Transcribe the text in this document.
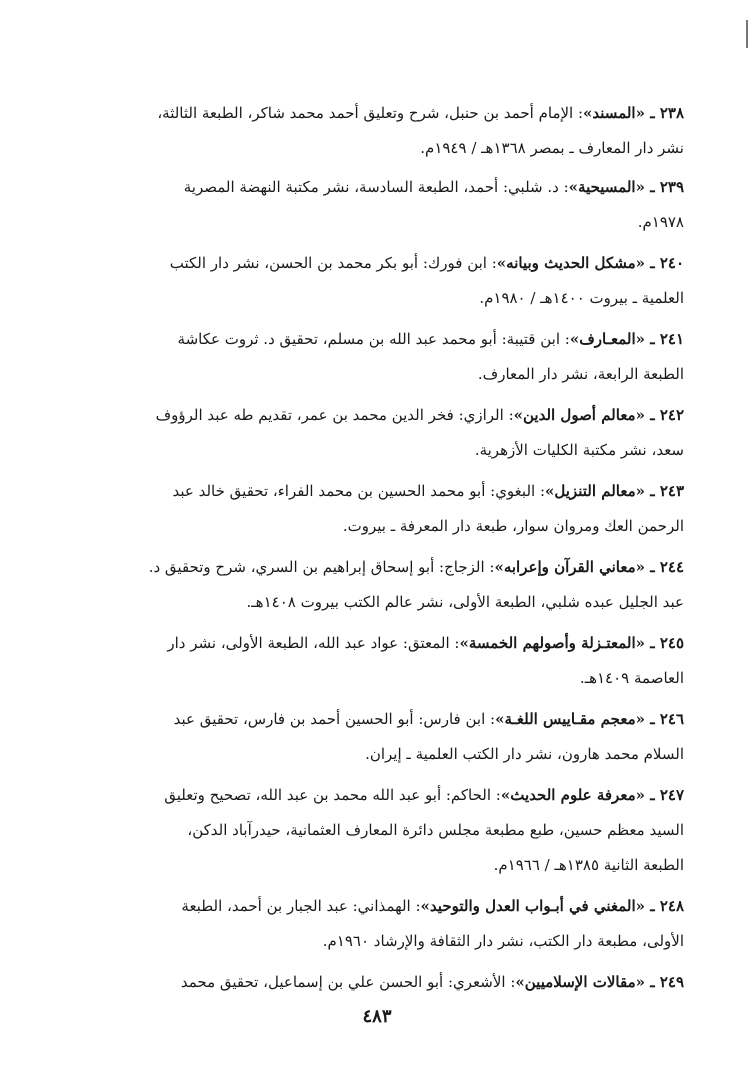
٢٣٨ ـ «المسند»: الإمام أحمد بن حنبل، شرح وتعليق أحمد محمد شاكر، الطبعة الثالثة،
نشر دار المعارف ـ بمصر ١٣٦٨هـ / ١٩٤٩م.
٢٣٩ ـ «المسيحية»: د. شلبي: أحمد، الطبعة السادسة، نشر مكتبة النهضة المصرية
١٩٧٨م.
٢٤٠ ـ «مشكل الحديث وبيانه»: ابن فورك: أبو بكر محمد بن الحسن، نشر دار الكتب
العلمية ـ بيروت ١٤٠٠هـ / ١٩٨٠م.
٢٤١ ـ «المعـارف»: ابن قتيبة: أبو محمد عبد الله بن مسلم، تحقيق د. ثروت عكاشة
الطبعة الرابعة، نشر دار المعارف.
٢٤٢ ـ «معالم أصول الدين»: الرازي: فخر الدين محمد بن عمر، تقديم طه عبد الرؤوف
سعد، نشر مكتبة الكليات الأزهرية.
٢٤٣ ـ «معالم التنزيل»: البغوي: أبو محمد الحسين بن محمد الفراء، تحقيق خالد عبد
الرحمن العك ومروان سوار، طبعة دار المعرفة ـ بيروت.
٢٤٤ ـ «معاني القرآن وإعرابه»: الزجاج: أبو إسحاق إبراهيم بن السري، شرح وتحقيق د.
عبد الجليل عبده شلبي، الطبعة الأولى، نشر عالم الكتب بيروت ١٤٠٨هـ.
٢٤٥ ـ «المعتـزلة وأصولهم الخمسة»: المعتق: عواد عبد الله، الطبعة الأولى، نشر دار
العاصمة ١٤٠٩هـ.
٢٤٦ ـ «معجم مقـاييس اللغـة»: ابن فارس: أبو الحسين أحمد بن فارس، تحقيق عبد
السلام محمد هارون، نشر دار الكتب العلمية ـ إيران.
٢٤٧ ـ «معرفة علوم الحديث»: الحاكم: أبو عبد الله محمد بن عبد الله، تصحيح وتعليق
السيد معظم حسين، طبع مطبعة مجلس دائرة المعارف العثمانية، حيدرآباد الدكن،
الطبعة الثانية ١٣٨٥هـ / ١٩٦٦م.
٢٤٨ ـ «المغني في أبـواب العدل والتوحيد»: الهمذاني: عبد الجبار بن أحمد، الطبعة
الأولى، مطبعة دار الكتب، نشر دار الثقافة والإرشاد ١٩٦٠م.
٢٤٩ ـ «مقالات الإسلاميين»: الأشعري: أبو الحسن علي بن إسماعيل، تحقيق محمد
٤٨٣
